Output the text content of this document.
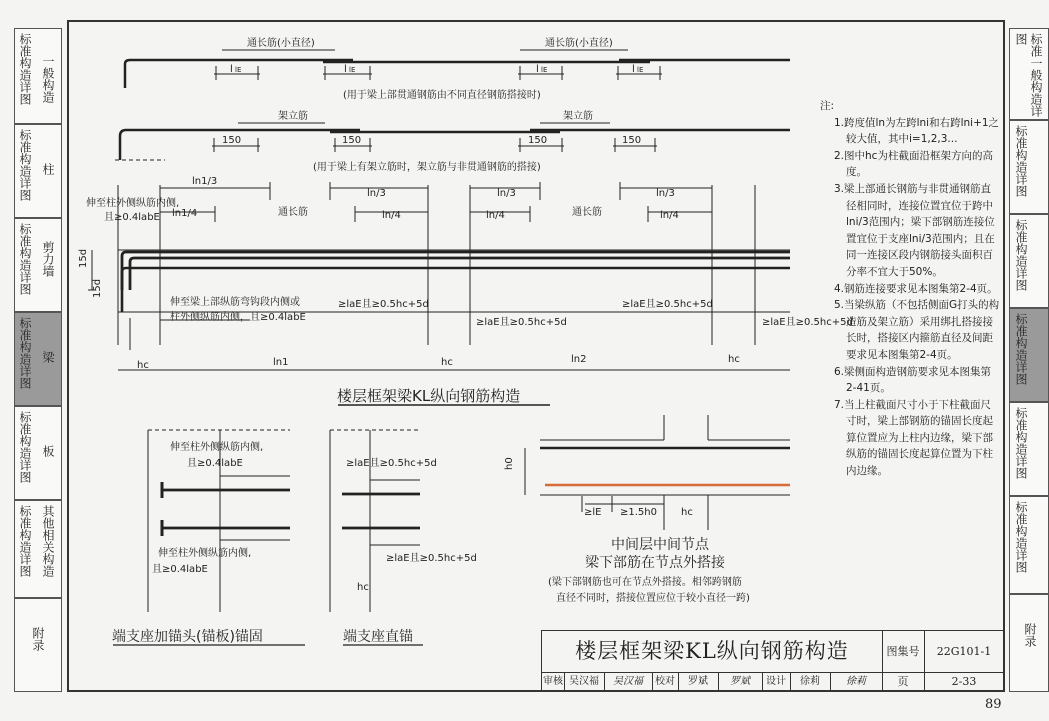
标准构造详图 一般构造
标准构造详图 柱
标准构造详图 剪力墙
标准构造详图 梁
标准构造详图 板
标准构造详图 其他相关构造
附录
标准一般构造详图
标准构造详图
标准构造详图
标准构造详图
标准构造详图
标准构造详图
附录
通长筋(小直径)	通长筋(小直径)
(用于梁上部贯通钢筋由不同直径钢筋搭接时)
架立筋	架立筋
(用于梁上有架立筋时，架立筋与非贯通钢筋的搭接)
150	150	150	150
l	l	l	l
lE	lE	lE	lE
通长筋	通长筋
ln1/3
ln1/4
ln/3
ln/4
ln/3
ln/4
ln/3
ln/4
伸至柱外侧纵筋内侧,
且≥0.4labE
伸至梁上部纵筋弯钩段内侧或
柱外侧纵筋内侧，且≥0.4labE
≥laE且≥0.5hc+5d
≥laE且≥0.5hc+5d
≥laE且≥0.5hc+5d
≥laE且≥0.5hc+5d
15d
15d
hc	hc	hc
ln1	ln2
楼层框架梁KL纵向钢筋构造
伸至柱外侧纵筋内侧,
且≥0.4labE
伸至柱外侧纵筋内侧,
且≥0.4labE
端支座加锚头(锚板)锚固
≥laE且≥0.5hc+5d
≥laE且≥0.5hc+5d
hc
端支座直锚
h0
≥lE ≥1.5h0 hc
中间层中间节点
梁下部筋在节点外搭接
(梁下部钢筋也可在节点外搭接。相邻跨钢筋
直径不同时，搭接位置应位于较小直径一跨)
注:

1.跨度值ln为左跨lni和右跨lni+1之较大值，其中i=1,2,3...

2.图中hc为柱截面沿框架方向的高度。

3.梁上部通长钢筋与非贯通钢筋直径相同时，连接位置宜位于跨中lni/3范围内；梁下部钢筋连接位置宜位于支座lni/3范围内；且在同一连接区段内钢筋接头面积百分率不宜大于50%。

4.钢筋连接要求见本图集第2-4页。

5.当梁纵筋（不包括侧面G打头的构造筋及架立筋）采用绑扎搭接接长时，搭接区内箍筋直径及间距要求见本图集第2-4页。

6.梁侧面构造钢筋要求见本图集第2-41页。

7.当上柱截面尺寸小于下柱截面尺寸时，梁上部钢筋的锚固长度起算位置应为上柱内边缘，梁下部纵筋的锚固长度起算位置为下柱内边缘。

楼层框架梁KL纵向钢筋构造	图集号	22G101-1
审核 吴汉福	吴汉福	校对	罗斌	罗斌	设计	徐莉	徐莉	页	2-33
89
